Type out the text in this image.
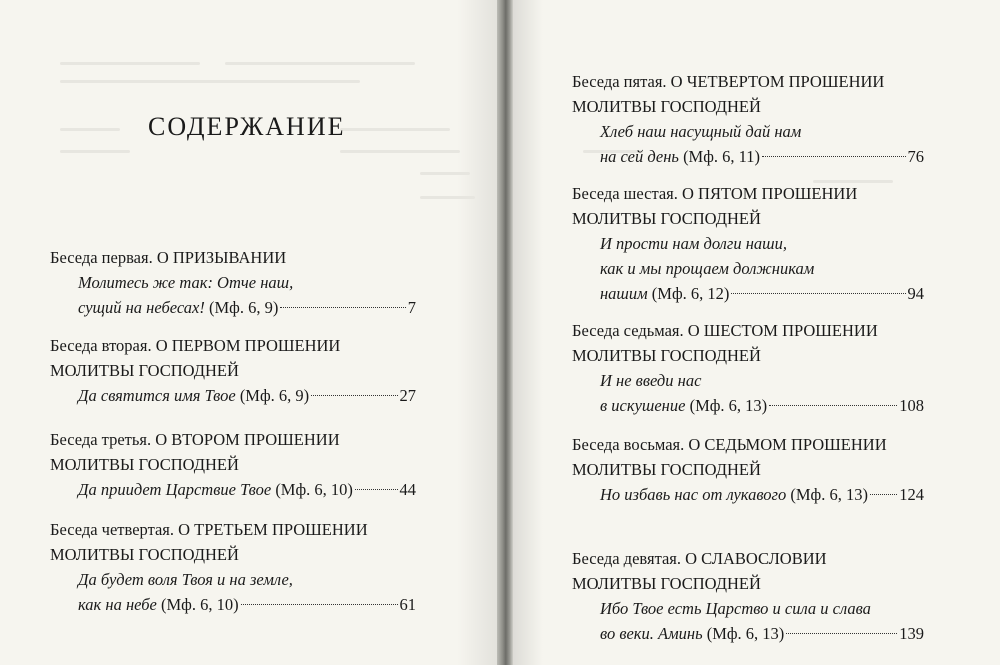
СОДЕРЖАНИЕ
Беседа первая. О ПРИЗЫВАНИИ
Молитесь же так: Отче наш,
сущий на небесах! (Мф. 6, 9)	7
Беседа вторая. О ПЕРВОМ ПРОШЕНИИ
МОЛИТВЫ ГОСПОДНЕЙ
Да святится имя Твое (Мф. 6, 9)	27
Беседа третья. О ВТОРОМ ПРОШЕНИИ
МОЛИТВЫ ГОСПОДНЕЙ
Да приидет Царствие Твое (Мф. 6, 10)	44
Беседа четвертая. О ТРЕТЬЕМ ПРОШЕНИИ
МОЛИТВЫ ГОСПОДНЕЙ
Да будет воля Твоя и на земле,
как на небе (Мф. 6, 10)	61
Беседа пятая. О ЧЕТВЕРТОМ ПРОШЕНИИ
МОЛИТВЫ ГОСПОДНЕЙ
Хлеб наш насущный дай нам
на сей день (Мф. 6, 11)	76
Беседа шестая. О ПЯТОМ ПРОШЕНИИ
МОЛИТВЫ ГОСПОДНЕЙ
И прости нам долги наши,
как и мы прощаем должникам
нашим (Мф. 6, 12)	94
Беседа седьмая. О ШЕСТОМ ПРОШЕНИИ
МОЛИТВЫ ГОСПОДНЕЙ
И не введи нас
в искушение (Мф. 6, 13)	108
Беседа восьмая. О СЕДЬМОМ ПРОШЕНИИ
МОЛИТВЫ ГОСПОДНЕЙ
Но избавь нас от лукавого (Мф. 6, 13) 124
Беседа девятая. О СЛАВОСЛОВИИ
МОЛИТВЫ ГОСПОДНЕЙ
Ибо Твое есть Царство и сила и слава
во веки. Аминь (Мф. 6, 13)	139
